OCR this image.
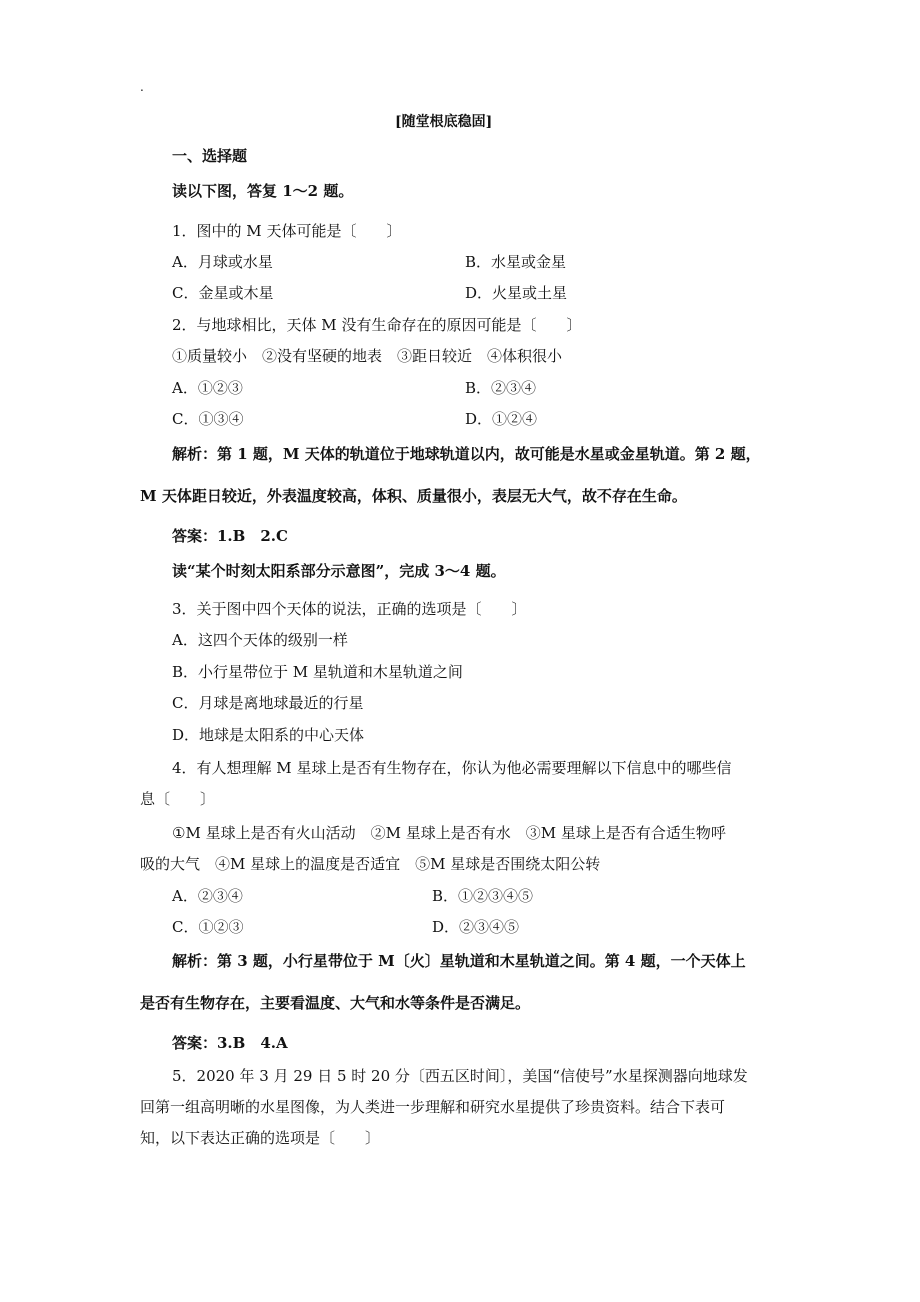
.
[随堂根底稳固]
一、选择题
读以下图，答复 1～2 题。
1．图中的 M 天体可能是〔　　〕
A．月球或水星	B．水星或金星
C．金星或木星	D．火星或土星
2．与地球相比，天体 M 没有生命存在的原因可能是〔　　〕
①质量较小　②没有坚硬的地表　③距日较近　④体积很小
A．①②③	B．②③④
C．①③④	D．①②④
解析：第 1 题，M 天体的轨道位于地球轨道以内，故可能是水星或金星轨道。第 2 题，
M 天体距日较近，外表温度较高，体积、质量很小，表层无大气，故不存在生命。
答案：1.B　2.C
读“某个时刻太阳系部分示意图”，完成 3～4 题。
3．关于图中四个天体的说法，正确的选项是〔　　〕
A．这四个天体的级别一样
B．小行星带位于 M 星轨道和木星轨道之间
C．月球是离地球最近的行星
D．地球是太阳系的中心天体
4．有人想理解 M 星球上是否有生物存在，你认为他必需要理解以下信息中的哪些信
息〔　　〕
①M 星球上是否有火山活动　②M 星球上是否有水　③M 星球上是否有合适生物呼
吸的大气　④M 星球上的温度是否适宜　⑤M 星球是否围绕太阳公转
A．②③④	B．①②③④⑤
C．①②③	D．②③④⑤
解析：第 3 题，小行星带位于 M〔火〕星轨道和木星轨道之间。第 4 题，一个天体上
是否有生物存在，主要看温度、大气和水等条件是否满足。
答案：3.B　4.A
5．2020 年 3 月 29 日 5 时 20 分〔西五区时间〕，美国“信使号”水星探测器向地球发
回第一组高明晰的水星图像，为人类进一步理解和研究水星提供了珍贵资料。结合下表可
知，以下表达正确的选项是〔　　〕
